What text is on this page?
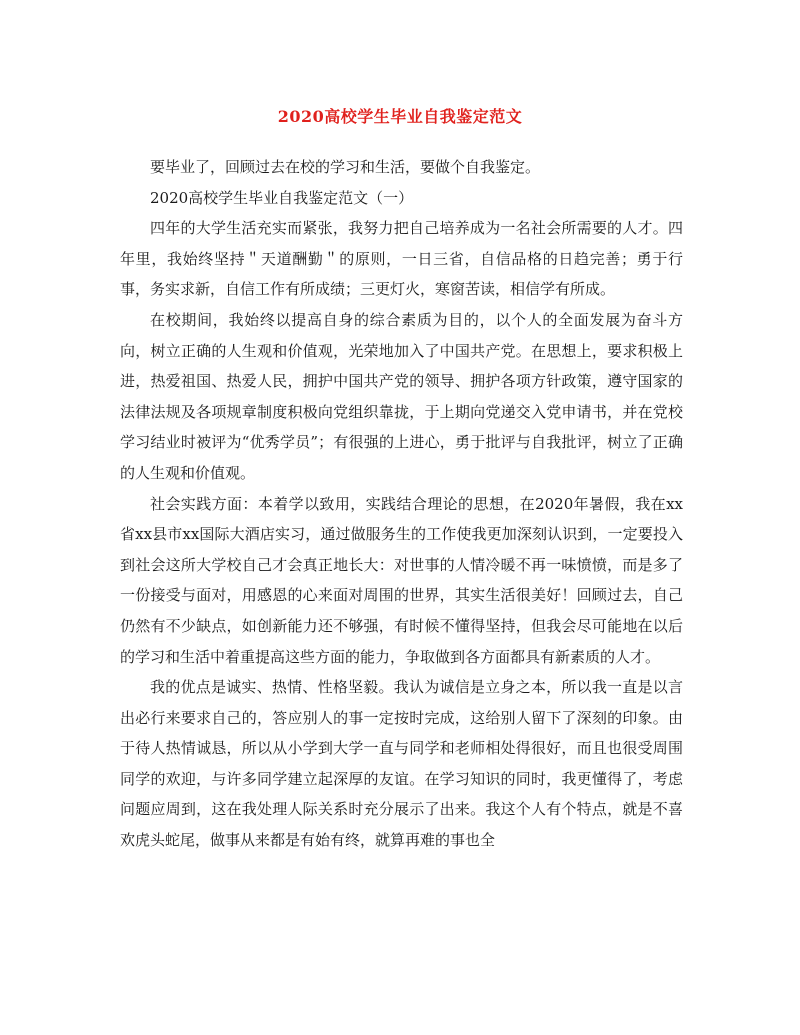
2020高校学生毕业自我鉴定范文

要毕业了，回顾过去在校的学习和生活，要做个自我鉴定。

2020高校学生毕业自我鉴定范文（一）

四年的大学生活充实而紧张，我努力把自己培养成为一名社会所需要的人才。四年里，我始终坚持＂天道酬勤＂的原则，一日三省，自信品格的日趋完善；勇于行事，务实求新，自信工作有所成绩；三更灯火，寒窗苦读，相信学有所成。

在校期间，我始终以提高自身的综合素质为目的，以个人的全面发展为奋斗方向，树立正确的人生观和价值观，光荣地加入了中国共产党。在思想上，要求积极上进，热爱祖国、热爱人民，拥护中国共产党的领导、拥护各项方针政策，遵守国家的法律法规及各项规章制度积极向党组织靠拢，于上期向党递交入党申请书，并在党校学习结业时被评为“优秀学员”；有很强的上进心，勇于批评与自我批评，树立了正确的人生观和价值观。

社会实践方面：本着学以致用，实践结合理论的思想，在2020年暑假，我在xx省xx县市xx国际大酒店实习，通过做服务生的工作使我更加深刻认识到，一定要投入到社会这所大学校自己才会真正地长大：对世事的人情冷暖不再一味愤愤，而是多了一份接受与面对，用感恩的心来面对周围的世界，其实生活很美好！回顾过去，自己仍然有不少缺点，如创新能力还不够强，有时候不懂得坚持，但我会尽可能地在以后的学习和生活中着重提高这些方面的能力，争取做到各方面都具有新素质的人才。

我的优点是诚实、热情、性格坚毅。我认为诚信是立身之本，所以我一直是以言出必行来要求自己的，答应别人的事一定按时完成，这给别人留下了深刻的印象。由于待人热情诚恳，所以从小学到大学一直与同学和老师相处得很好，而且也很受周围同学的欢迎，与许多同学建立起深厚的友谊。在学习知识的同时，我更懂得了，考虑问题应周到，这在我处理人际关系时充分展示了出来。我这个人有个特点，就是不喜欢虎头蛇尾，做事从来都是有始有终，就算再难的事也全
